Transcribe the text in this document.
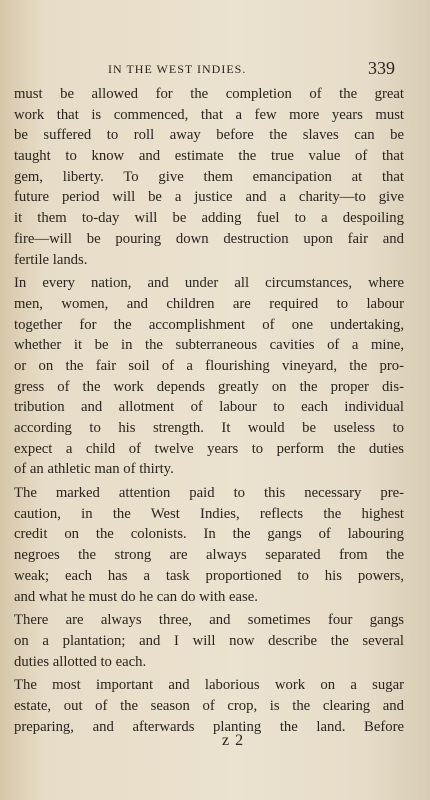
IN THE WEST INDIES.	339
must be allowed for the completion of the great
work that is commenced, that a few more years must
be suffered to roll away before the slaves can be
taught to know and estimate the true value of that
gem, liberty. To give them emancipation at that
future period will be a justice and a charity—to give
it them to-day will be adding fuel to a despoiling
fire—will be pouring down destruction upon fair and
fertile lands.
In every nation, and under all circumstances, where
men, women, and children are required to labour
together for the accomplishment of one undertaking,
whether it be in the subterraneous cavities of a mine,
or on the fair soil of a flourishing vineyard, the pro-
gress of the work depends greatly on the proper dis-
tribution and allotment of labour to each individual
according to his strength. It would be useless to
expect a child of twelve years to perform the duties
of an athletic man of thirty.
The marked attention paid to this necessary pre-
caution, in the West Indies, reflects the highest
credit on the colonists. In the gangs of labouring
negroes the strong are always separated from the
weak; each has a task proportioned to his powers,
and what he must do he can do with ease.
There are always three, and sometimes four gangs
on a plantation; and I will now describe the several
duties allotted to each.
The most important and laborious work on a sugar
estate, out of the season of crop, is the clearing and
preparing, and afterwards planting the land. Before
z 2
